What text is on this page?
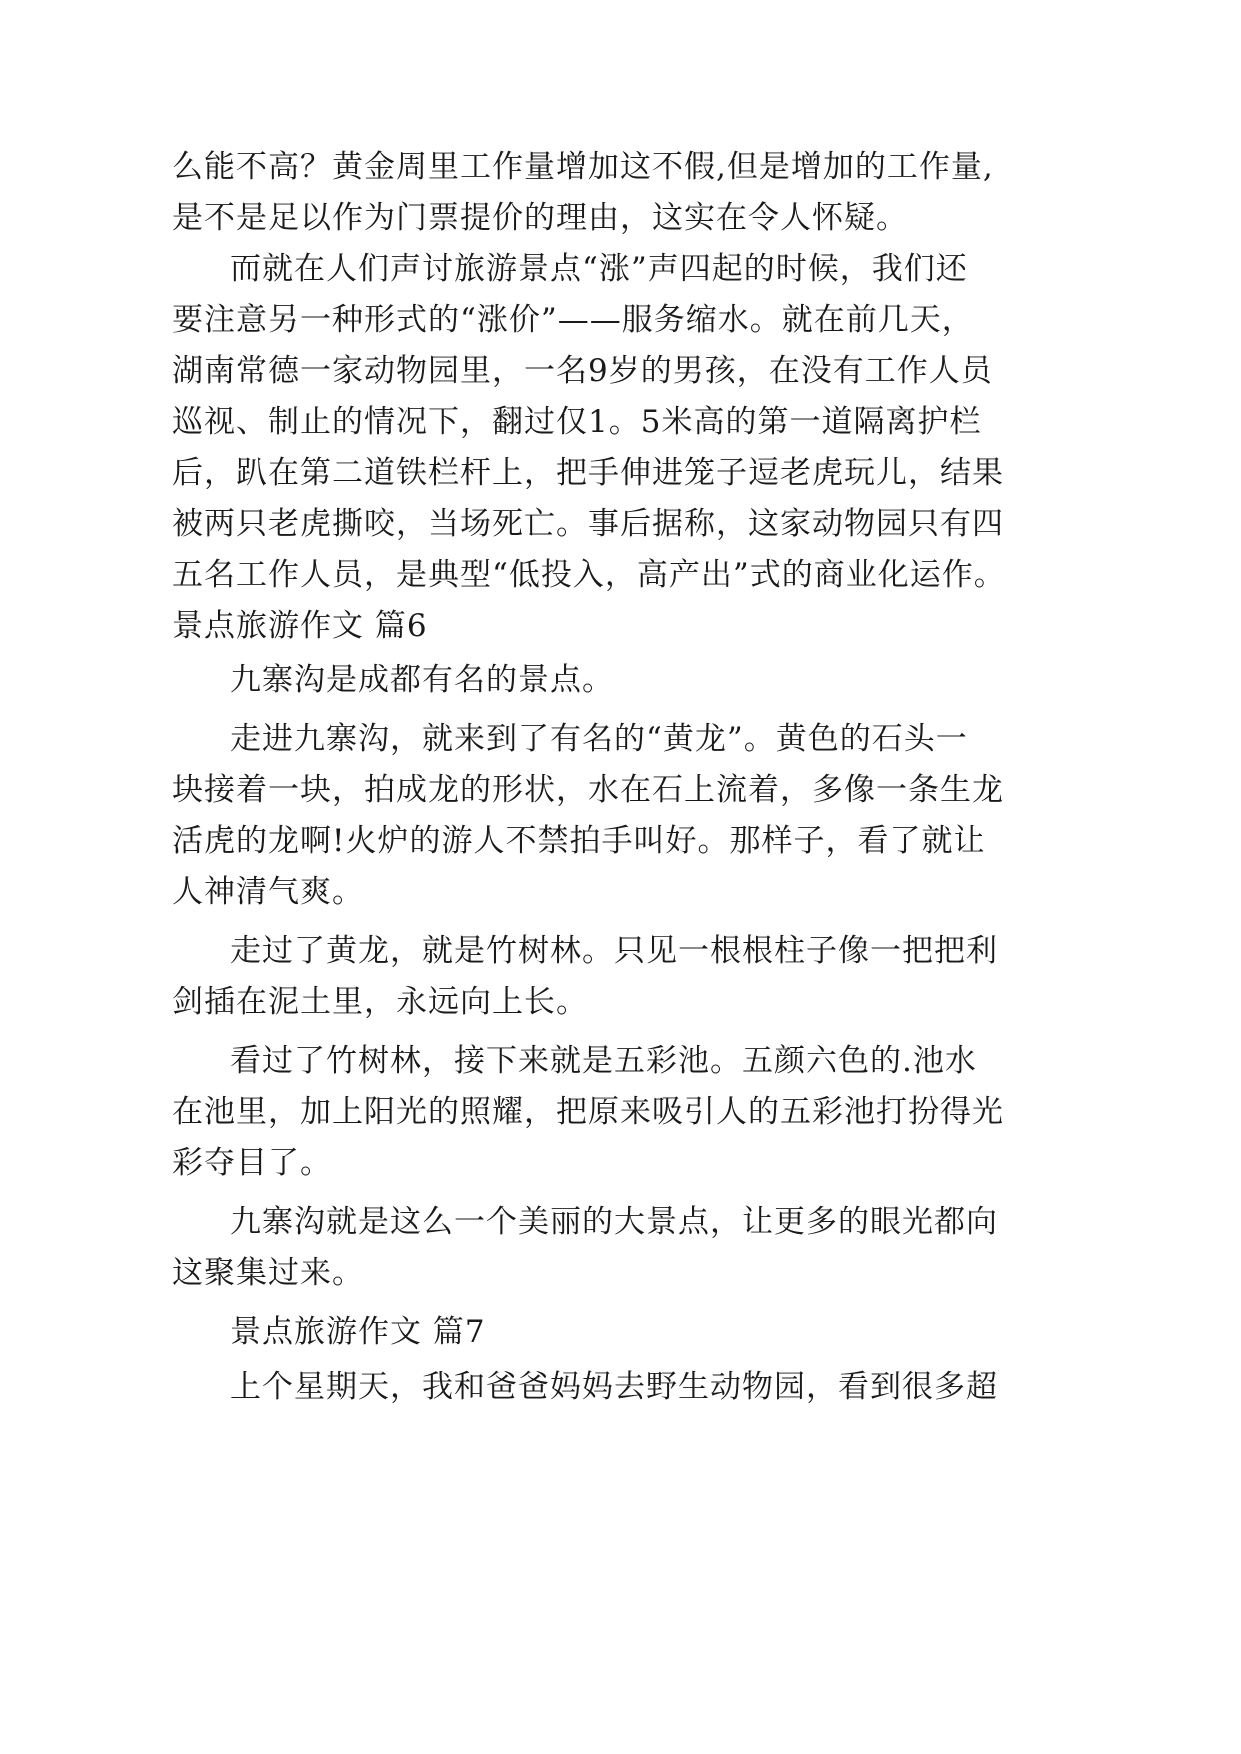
么能不高？黄金周里工作量增加这不假,但是增加的工作量,
是不是足以作为门票提价的理由，这实在令人怀疑。
而就在人们声讨旅游景点“涨”声四起的时候，我们还
要注意另一种形式的“涨价”——服务缩水。就在前几天，
湖南常德一家动物园里，一名9岁的男孩，在没有工作人员
巡视、制止的情况下，翻过仅1。5米高的第一道隔离护栏
后，趴在第二道铁栏杆上，把手伸进笼子逗老虎玩儿，结果
被两只老虎撕咬，当场死亡。事后据称，这家动物园只有四
五名工作人员，是典型“低投入，高产出”式的商业化运作。
景点旅游作文 篇6
九寨沟是成都有名的景点。
走进九寨沟，就来到了有名的“黄龙”。黄色的石头一
块接着一块，拍成龙的形状，水在石上流着，多像一条生龙
活虎的龙啊!火炉的游人不禁拍手叫好。那样子，看了就让
人神清气爽。
走过了黄龙，就是竹树林。只见一根根柱子像一把把利
剑插在泥土里，永远向上长。
看过了竹树林，接下来就是五彩池。五颜六色的.池水
在池里，加上阳光的照耀，把原来吸引人的五彩池打扮得光
彩夺目了。
九寨沟就是这么一个美丽的大景点，让更多的眼光都向
这聚集过来。
景点旅游作文 篇7
上个星期天，我和爸爸妈妈去野生动物园，看到很多超
